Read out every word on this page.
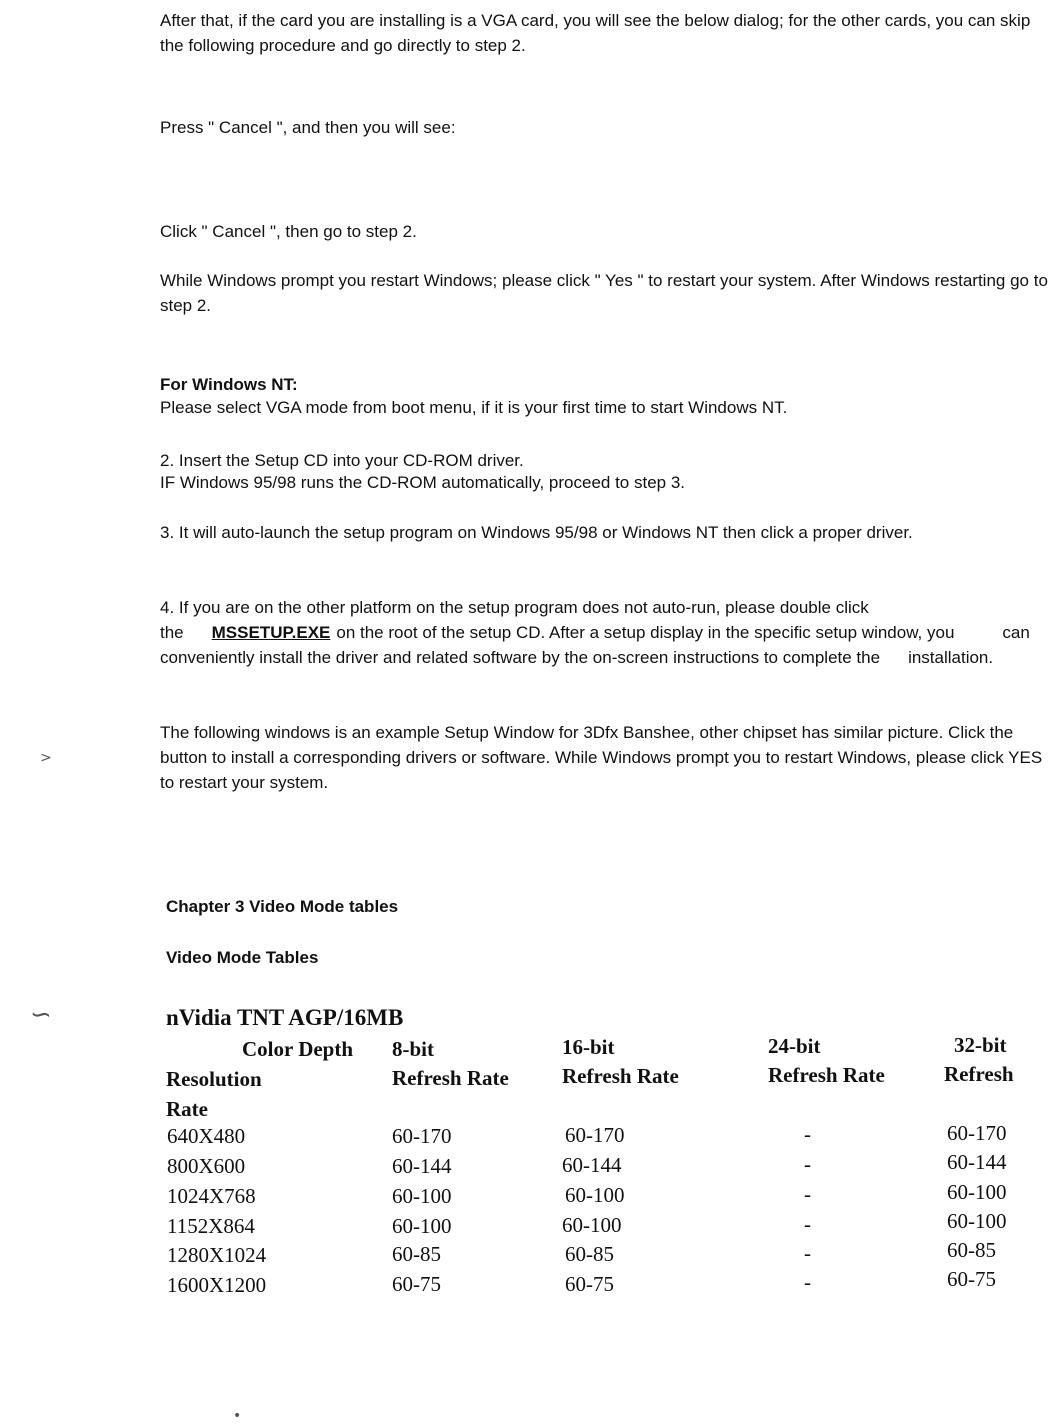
After that, if the card you are installing is a VGA card, you will see the below dialog; for the other cards, you can skip the following procedure and go directly to step 2.

Press " Cancel ", and then you will see:

Click " Cancel ", then go to step 2.

While Windows prompt you restart Windows; please click " Yes " to restart your system. After Windows restarting go to step 2.

For Windows NT:

Please select VGA mode from boot menu, if it is your first time to start Windows NT.

2. Insert the Setup CD into your CD-ROM driver.

IF Windows 95/98 runs the CD-ROM automatically, proceed to step 3.

3. It will auto-launch the setup program on Windows 95/98 or Windows NT then click a proper driver.

4. If you are on the other platform on the setup program does not auto-run, please double click the MSSETUP.EXE on the root of the setup CD. After a setup display in the specific setup window, you	can conveniently install the driver and related software by the on-screen instructions to complete the installation.

The following windows is an example Setup Window for 3Dfx Banshee, other chipset has similar picture. Click the button to install a corresponding drivers or software. While Windows prompt you to restart Windows, please click YES to restart your system.

Chapter 3 Video Mode tables
Video Mode Tables
nVidia TNT AGP/16MB
Color Depth 8-bit	16-bit	24-bit	32-bit
Resolution	Refresh Rate	Refresh Rate	Refresh Rate	Refresh
Rate
640X480	60-170	60-170	-	60-170
800X600	60-144	60-144	-	60-144
1024X768	60-100	60-100	-	60-100
1152X864	60-100	60-100	-	60-100
1280X1024	60-85	60-85	-	60-85
1600X1200	60-75	60-75	-	60-75
>
∽
•
